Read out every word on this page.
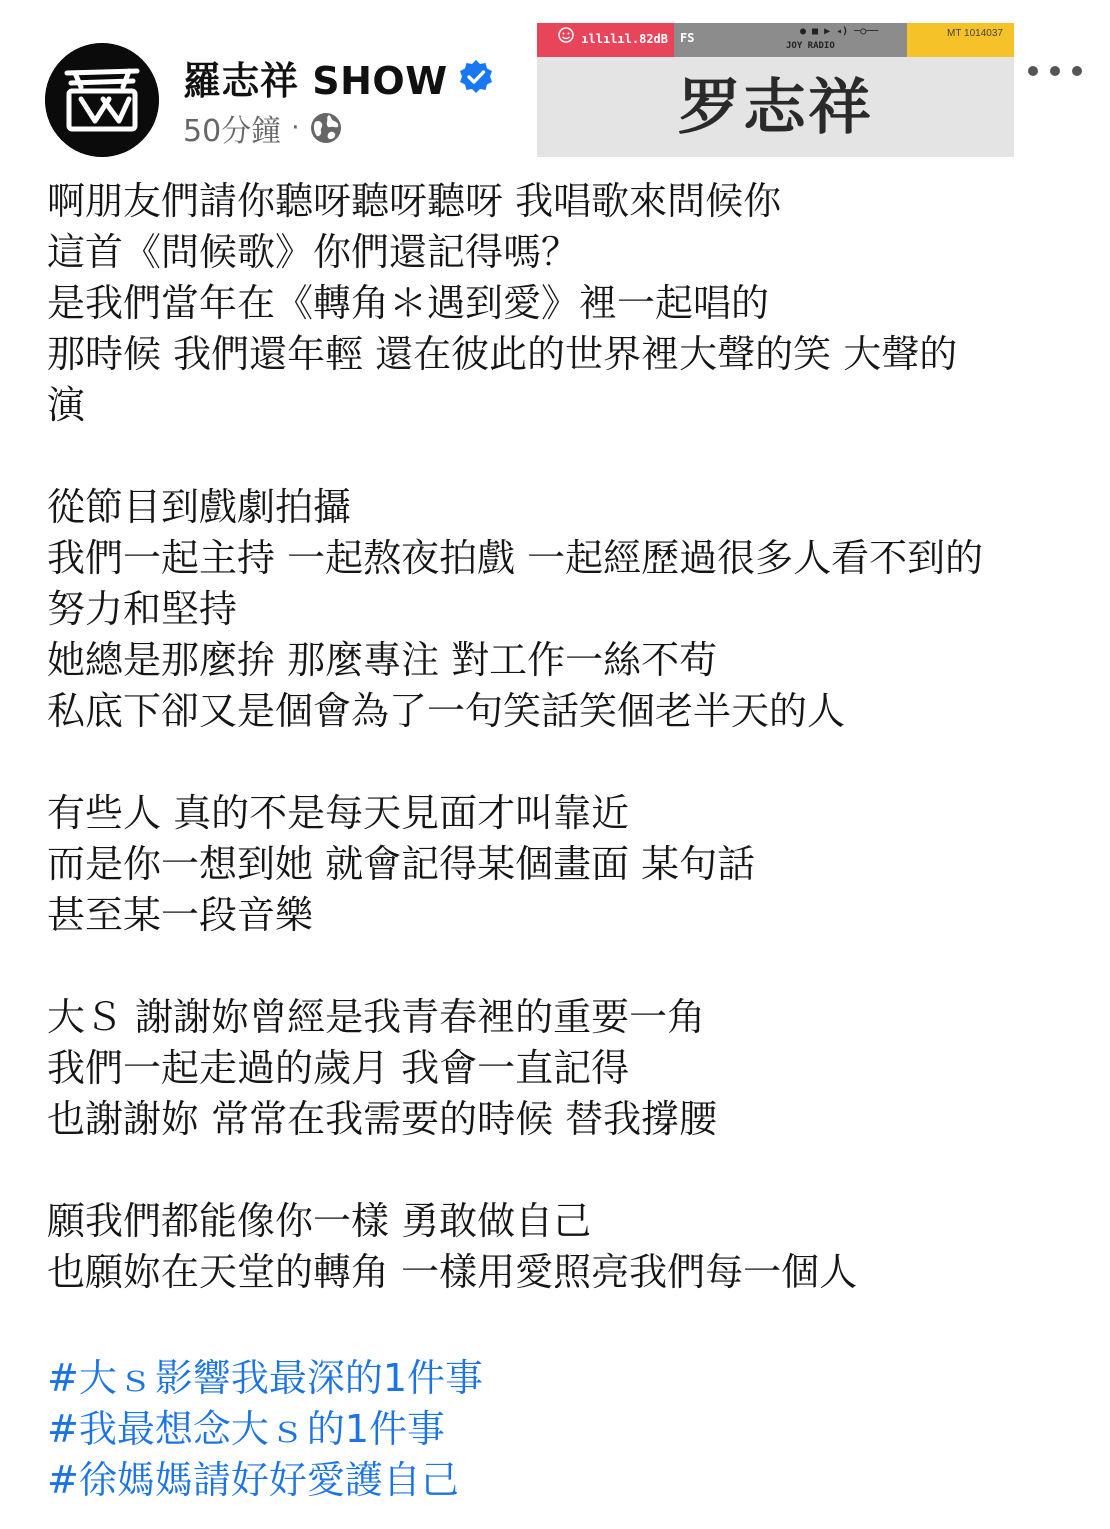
羅志祥 SHOW
50分鐘 ·
ıllılıl.82dB FS	● ■ ▶ ◂) ─○──
JOY RADIO
MT 1014037
罗志祥
啊朋友們請你聽呀聽呀聽呀 我唱歌來問候你
這首《問候歌》你們還記得嗎？
是我們當年在《轉角＊遇到愛》裡一起唱的
那時候 我們還年輕 還在彼此的世界裡大聲的笑 大聲的
演
從節目到戲劇拍攝
我們一起主持 一起熬夜拍戲 一起經歷過很多人看不到的
努力和堅持
她總是那麼拚 那麼專注 對工作一絲不苟
私底下卻又是個會為了一句笑話笑個老半天的人
有些人 真的不是每天見面才叫靠近
而是你一想到她 就會記得某個畫面 某句話
甚至某一段音樂
大Ｓ 謝謝妳曾經是我青春裡的重要一角
我們一起走過的歲月 我會一直記得
也謝謝妳 常常在我需要的時候 替我撐腰
願我們都能像你一樣 勇敢做自己
也願妳在天堂的轉角 一樣用愛照亮我們每一個人
#大ｓ影響我最深的1件事
#我最想念大ｓ的1件事
#徐媽媽請好好愛護自己
